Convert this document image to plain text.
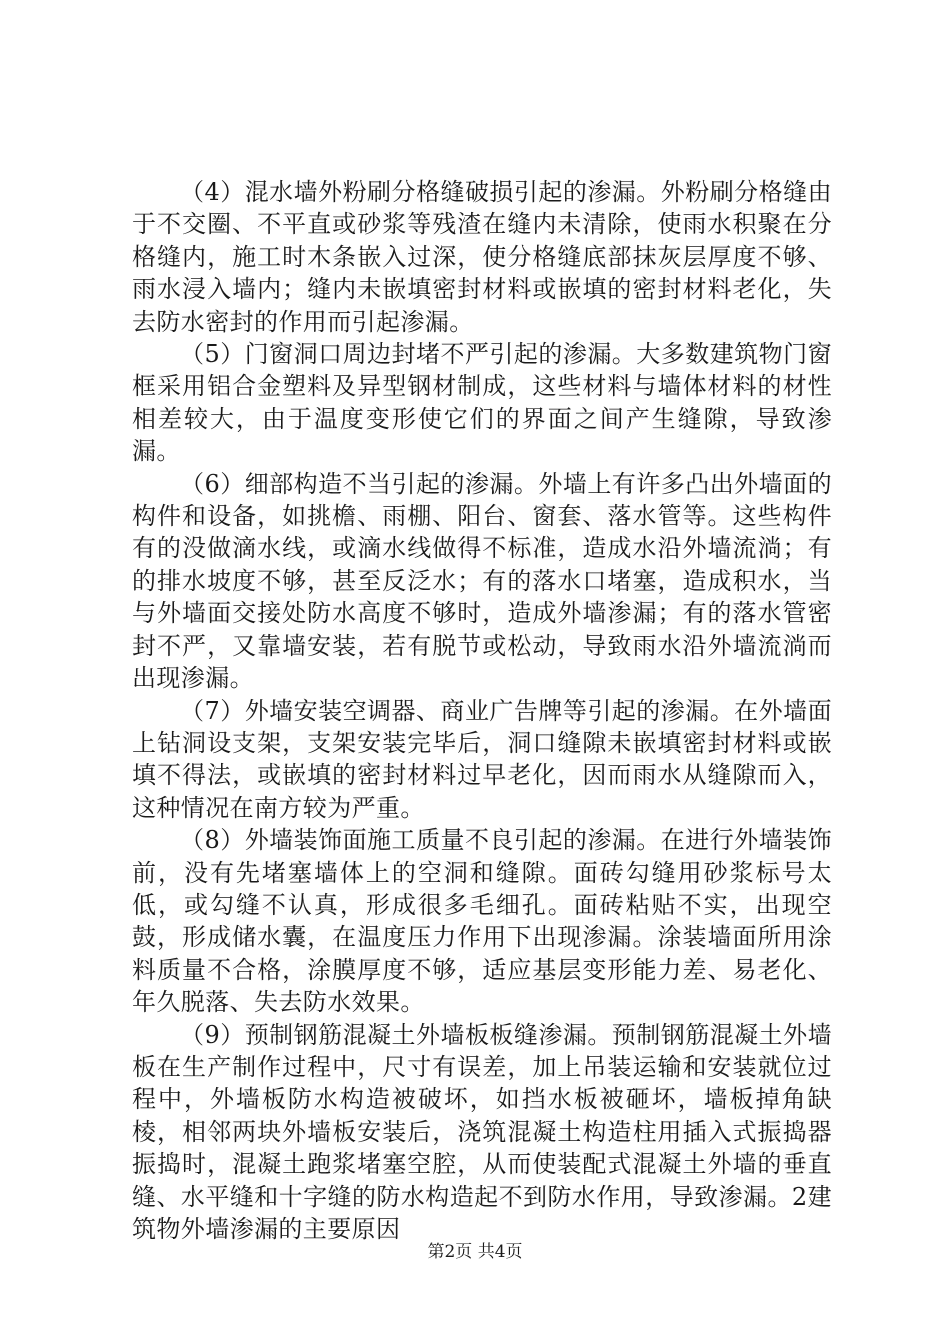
（4）混水墙外粉刷分格缝破损引起的渗漏。外粉刷分格缝由于不交圈、不平直或砂浆等残渣在缝内未清除，使雨水积聚在分格缝内，施工时木条嵌入过深，使分格缝底部抹灰层厚度不够、雨水浸入墙内；缝内未嵌填密封材料或嵌填的密封材料老化，失去防水密封的作用而引起渗漏。

（5）门窗洞口周边封堵不严引起的渗漏。大多数建筑物门窗框采用铝合金塑料及异型钢材制成，这些材料与墙体材料的材性相差较大，由于温度变形使它们的界面之间产生缝隙，导致渗漏。

（6）细部构造不当引起的渗漏。外墙上有许多凸出外墙面的构件和设备，如挑檐、雨棚、阳台、窗套、落水管等。这些构件有的没做滴水线，或滴水线做得不标准，造成水沿外墙流淌；有的排水坡度不够，甚至反泛水；有的落水口堵塞，造成积水，当与外墙面交接处防水高度不够时，造成外墙渗漏；有的落水管密封不严，又靠墙安装，若有脱节或松动，导致雨水沿外墙流淌而出现渗漏。

（7）外墙安装空调器、商业广告牌等引起的渗漏。在外墙面上钻洞设支架，支架安装完毕后，洞口缝隙未嵌填密封材料或嵌填不得法，或嵌填的密封材料过早老化，因而雨水从缝隙而入，这种情况在南方较为严重。

（8）外墙装饰面施工质量不良引起的渗漏。在进行外墙装饰前，没有先堵塞墙体上的空洞和缝隙。面砖勾缝用砂浆标号太低，或勾缝不认真，形成很多毛细孔。面砖粘贴不实，出现空鼓，形成储水囊，在温度压力作用下出现渗漏。涂装墙面所用涂料质量不合格，涂膜厚度不够，适应基层变形能力差、易老化、年久脱落、失去防水效果。

（9）预制钢筋混凝土外墙板板缝渗漏。预制钢筋混凝土外墙板在生产制作过程中，尺寸有误差，加上吊装运输和安装就位过程中，外墙板防水构造被破坏，如挡水板被砸坏，墙板掉角缺棱，相邻两块外墙板安装后，浇筑混凝土构造柱用插入式振捣器振捣时，混凝土跑浆堵塞空腔，从而使装配式混凝土外墙的垂直缝、水平缝和十字缝的防水构造起不到防水作用，导致渗漏。2建筑物外墙渗漏的主要原因

第2页 共4页
